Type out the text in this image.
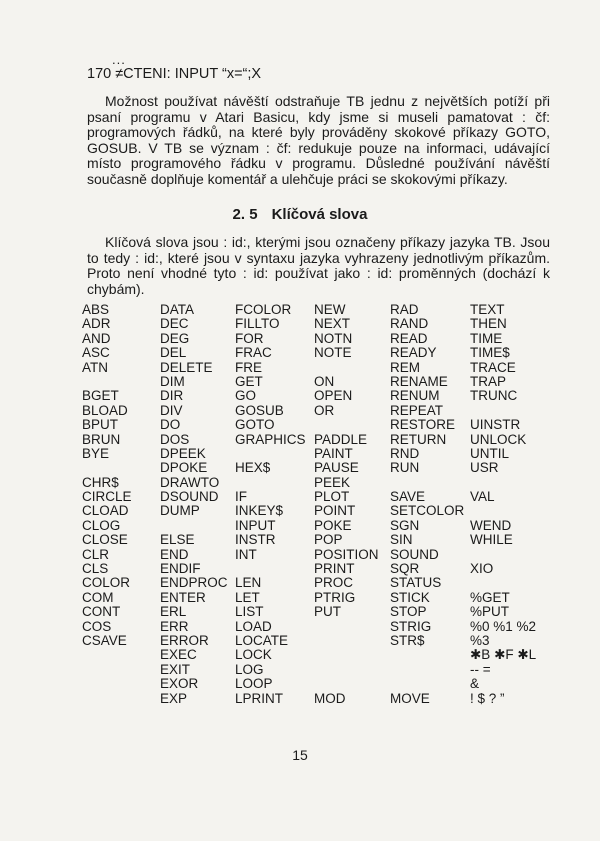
...
170 ≠CTENI: INPUT “x=“;X

Možnost používat návěští odstraňuje TB jednu z největších potíží při psaní programu v Atari Basicu, kdy jsme si museli pamatovat : čf: programových řádků, na které byly prováděny skokové příkazy GOTO, GOSUB. V TB se význam : čf: redukuje pouze na informaci, udávající místo programového řádku v programu. Důsledné používání návěští současně doplňuje komentář a ulehčuje práci se skokovými příkazy.

2. 5 Klíčová slova

Klíčová slova jsou : id:, kterými jsou označeny příkazy jazyka TB. Jsou to tedy : id:, které jsou v syntaxu jazyka vyhrazeny jednotlivým příkazům. Proto není vhodné tyto : id: používat jako : id: proměnných (dochází k chybám).

ABS
ADR
AND
ASC
ATN
BGET
BLOAD
BPUT
BRUN
BYE
CHR$
CIRCLE
CLOAD
CLOG
CLOSE
CLR
CLS
COLOR
COM
CONT
COS
CSAVE
DATA
DEC
DEG
DEL
DELETE
DIM
DIR
DIV
DO
DOS
DPEEK
DPOKE
DRAWTO
DSOUND
DUMP
ELSE
END
ENDIF
ENDPROC
ENTER
ERL
ERR
ERROR
EXEC
EXIT
EXOR
EXP
FCOLOR
FILLTO
FOR
FRAC
FRE
GET
GO
GOSUB
GOTO
GRAPHICS
HEX$
IF
INKEY$
INPUT
INSTR
INT
LEN
LET
LIST
LOAD
LOCATE
LOCK
LOG
LOOP
LPRINT
NEW
NEXT
NOTN
NOTE
ON
OPEN
OR
PADDLE
PAINT
PAUSE
PEEK
PLOT
POINT
POKE
POP
POSITION
PRINT
PROC
PTRIG
PUT
MOD
RAD
RAND
READ
READY
REM
RENAME
RENUM
REPEAT
RESTORE
RETURN
RND
RUN
SAVE
SETCOLOR
SGN
SIN
SOUND
SQR
STATUS
STICK
STOP
STRIG
STR$
MOVE
TEXT
THEN
TIME
TIME$
TRACE
TRAP
TRUNC
UINSTR
UNLOCK
UNTIL
USR
VAL
WEND
WHILE
XIO
%GET
%PUT
%0 %1 %2
%3
✱B ✱F ✱L
-- =
&
! $ ? ”
15
